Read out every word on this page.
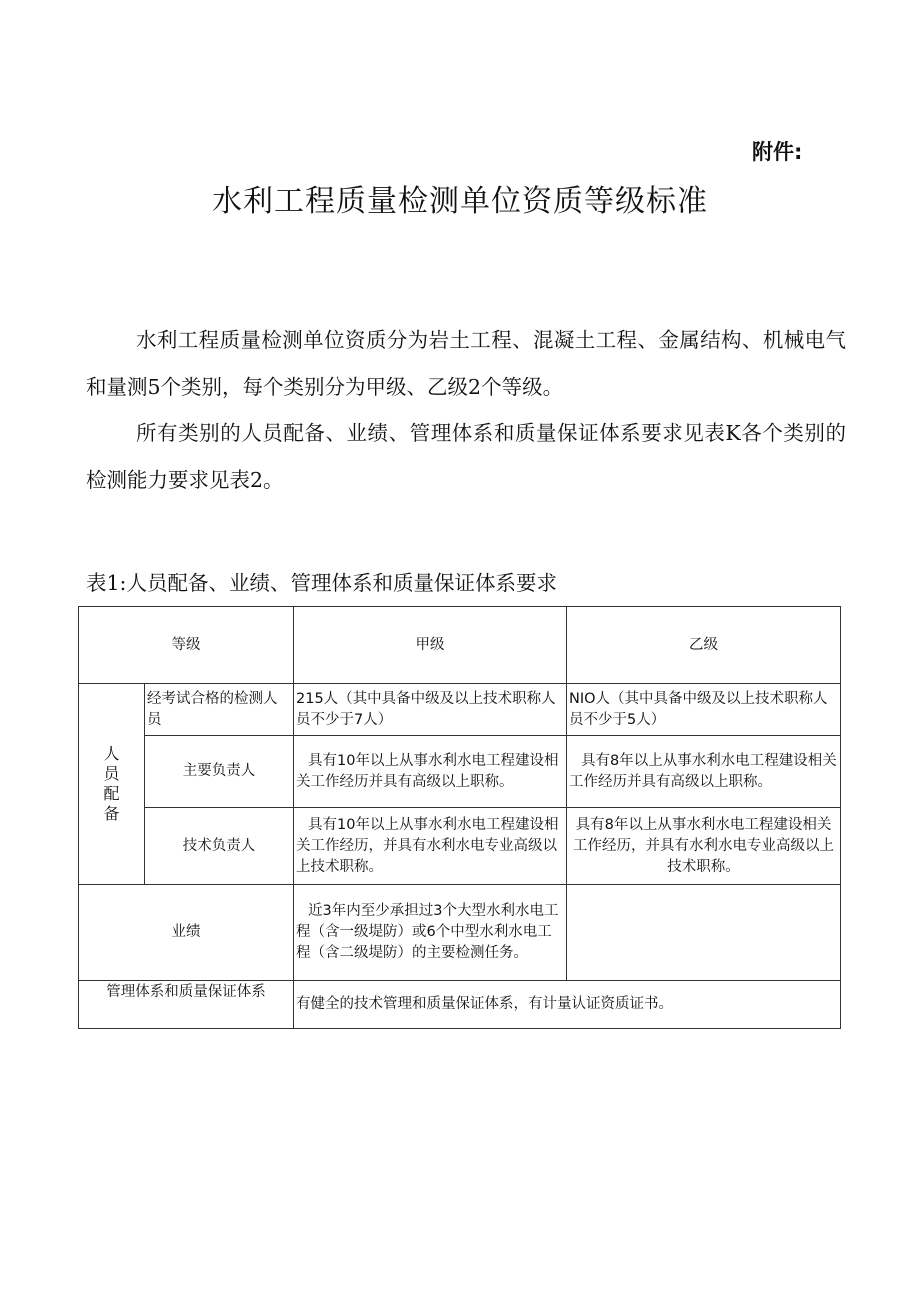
附件:
水利工程质量检测单位资质等级标准

水利工程质量检测单位资质分为岩土工程、混凝土工程、金属结构、机械电气和量测5个类别，每个类别分为甲级、乙级2个等级。

所有类别的人员配备、业绩、管理体系和质量保证体系要求见表K各个类别的检测能力要求见表2。

表1:人员配备、业绩、管理体系和质量保证体系要求

等级		甲级	乙级

人
员
配
备	经考试合格的检测人员	215人（其中具备中级及以上技术职称人员不少于7人）	NIO人（其中具备中级及以上技术职称人员不少于5人）
	主要负责人	具有10年以上从事水利水电工程建设相关工作经历并具有高级以上职称。	具有8年以上从事水利水电工程建设相关工作经历并具有高级以上职称。
	技术负责人	具有10年以上从事水利水电工程建设相关工作经历，并具有水利水电专业高级以上技术职称。	具有8年以上从事水利水电工程建设相关工作经历，并具有水利水电专业高级以上技术职称。
业绩		近3年内至少承担过3个大型水利水电工程（含一级堤防）或6个中型水利水电工程（含二级堤防）的主要检测任务。	
管理体系和质量保证体系		有健全的技术管理和质量保证体系，有计量认证资质证书。	
